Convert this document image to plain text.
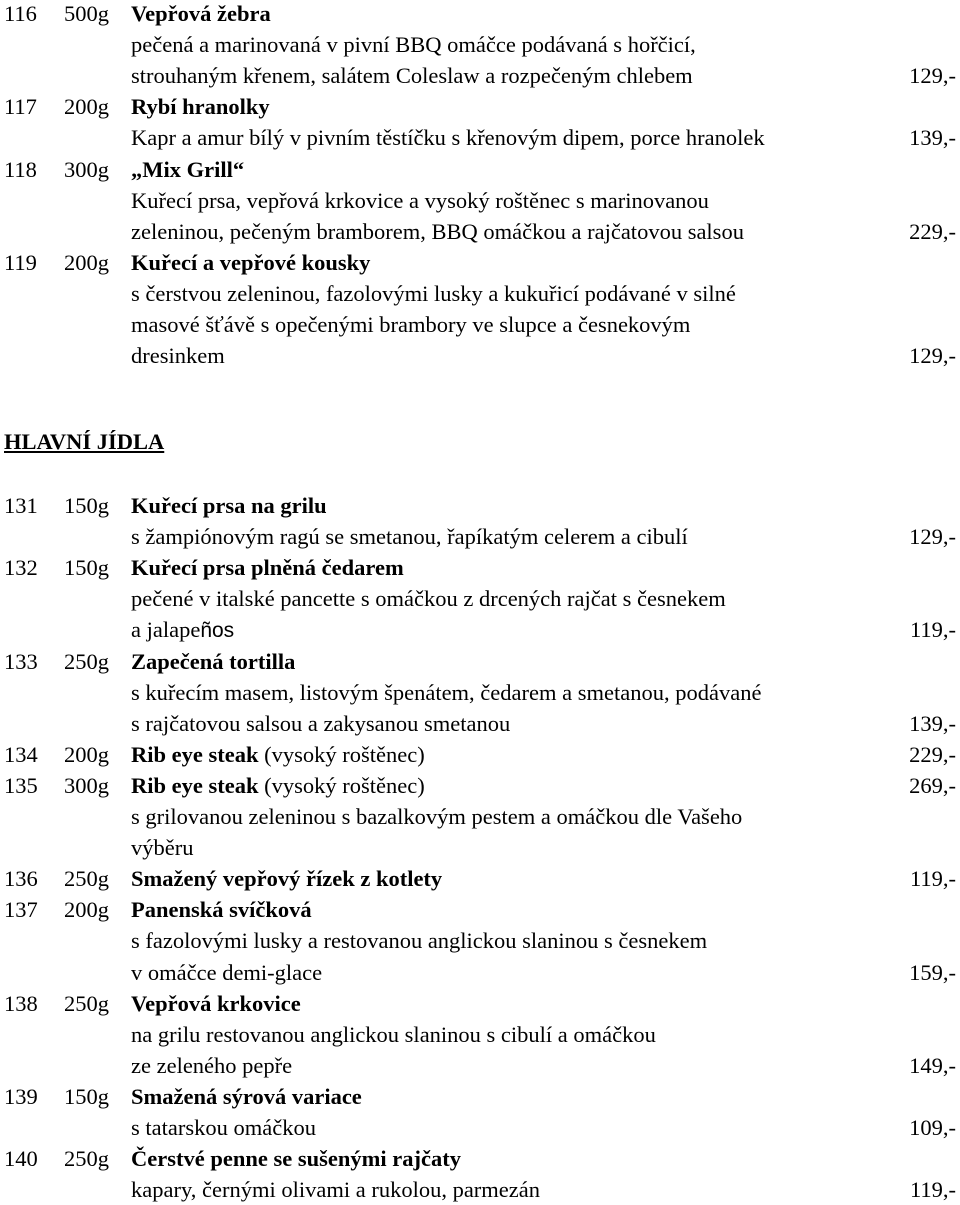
116 500g Vepřová žebra
pečená a marinovaná v pivní BBQ omáčce podávaná s hořčicí,
strouhaným křenem, salátem Coleslaw a rozpečeným chlebem	129,-
117 200g Rybí hranolky
Kapr a amur bílý v pivním těstíčku s křenovým dipem, porce hranolek	139,-
118 300g „Mix Grill“
Kuřecí prsa, vepřová krkovice a vysoký roštěnec s marinovanou
zeleninou, pečeným bramborem, BBQ omáčkou a rajčatovou salsou	229,-
119 200g Kuřecí a vepřové kousky
s čerstvou zeleninou, fazolovými lusky a kukuřicí podávané v silné
masové šťávě s opečenými brambory ve slupce a česnekovým
dresinkem	129,-
HLAVNÍ JÍDLA
131 150g Kuřecí prsa na grilu
s žampiónovým ragú se smetanou, řapíkatým celerem a cibulí	129,-
132 150g Kuřecí prsa plněná čedarem
pečené v italské pancette s omáčkou z drcených rajčat s česnekem
a jalapeños	119,-
133 250g Zapečená tortilla
s kuřecím masem, listovým špenátem, čedarem a smetanou, podávané
s rajčatovou salsou a zakysanou smetanou	139,-
134 200g Rib eye steak (vysoký roštěnec)	229,-
135 300g Rib eye steak (vysoký roštěnec)	269,-
s grilovanou zeleninou s bazalkovým pestem a omáčkou dle Vašeho
výběru
136 250g Smažený vepřový řízek z kotlety	119,-
137 200g Panenská svíčková
s fazolovými lusky a restovanou anglickou slaninou s česnekem
v omáčce demi-glace	159,-
138 250g Vepřová krkovice
na grilu restovanou anglickou slaninou s cibulí a omáčkou
ze zeleného pepře	149,-
139 150g Smažená sýrová variace
s tatarskou omáčkou	109,-
140 250g Čerstvé penne se sušenými rajčaty
kapary, černými olivami a rukolou, parmezán	119,-
